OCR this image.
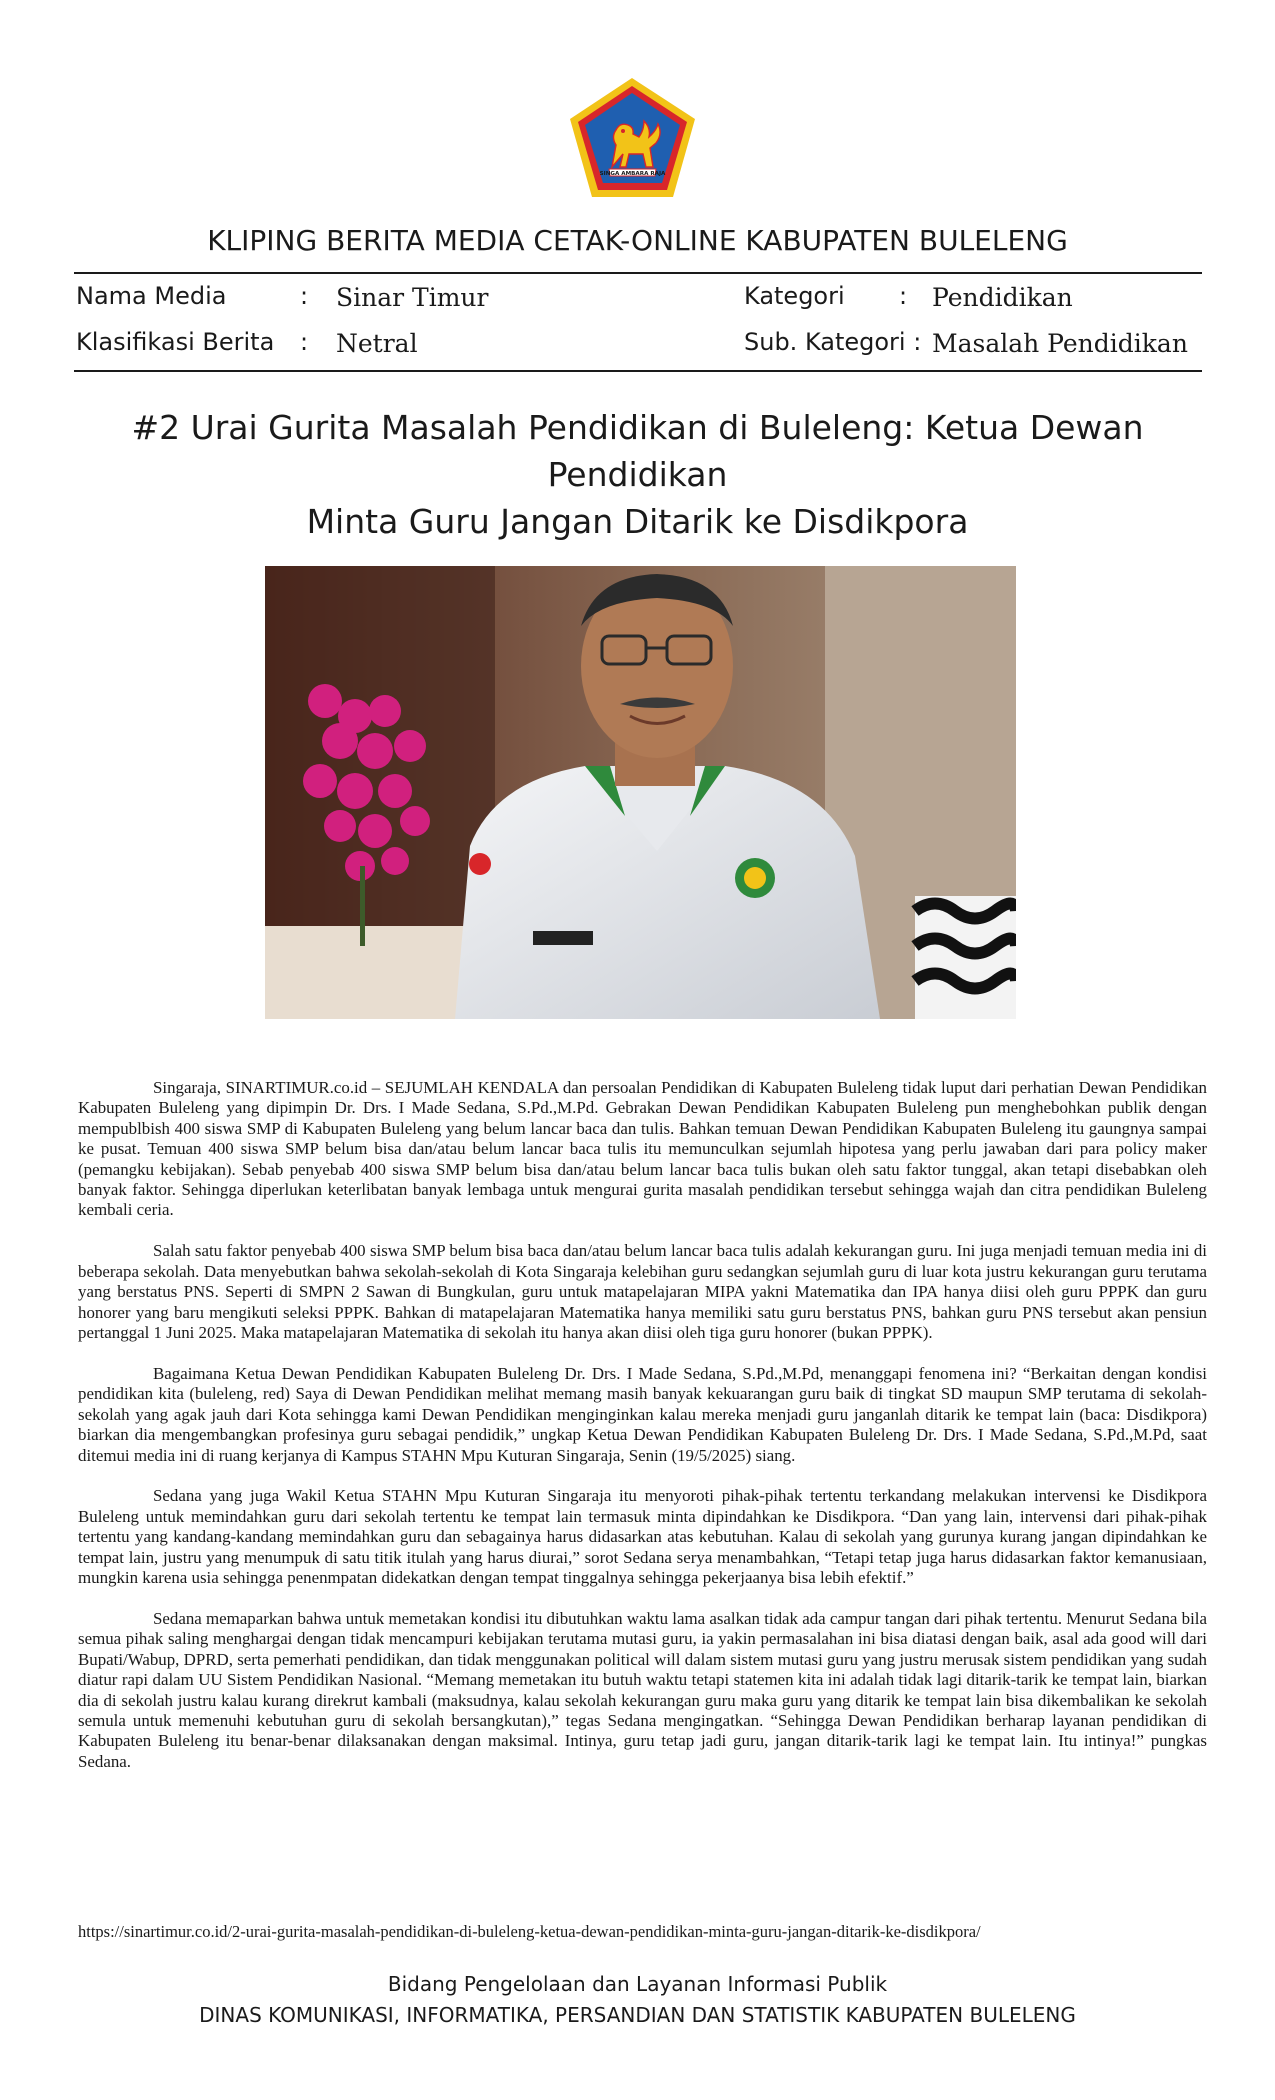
SINGA AMBARA RAJA
KLIPING BERITA MEDIA CETAK-ONLINE KABUPATEN BULELENG
Nama Media	: Sinar Timur	Kategori : Pendidikan
Klasifikasi Berita : Netral	Sub. Kategori : Masalah Pendidikan
#2 Urai Gurita Masalah Pendidikan di Buleleng: Ketua Dewan Pendidikan
Minta Guru Jangan Ditarik ke Disdikpora

Singaraja, SINARTIMUR.co.id – SEJUMLAH KENDALA dan persoalan Pendidikan di Kabupaten Buleleng tidak luput dari perhatian Dewan Pendidikan Kabupaten Buleleng yang dipimpin Dr. Drs. I Made Sedana, S.Pd.,M.Pd. Gebrakan Dewan Pendidikan Kabupaten Buleleng pun menghebohkan publik dengan mempublbish 400 siswa SMP di Kabupaten Buleleng yang belum lancar baca dan tulis. Bahkan temuan Dewan Pendidikan Kabupaten Buleleng itu gaungnya sampai ke pusat. Temuan 400 siswa SMP belum bisa dan/atau belum lancar baca tulis itu memunculkan sejumlah hipotesa yang perlu jawaban dari para policy maker (pemangku kebijakan). Sebab penyebab 400 siswa SMP belum bisa dan/atau belum lancar baca tulis bukan oleh satu faktor tunggal, akan tetapi disebabkan oleh banyak faktor. Sehingga diperlukan keterlibatan banyak lembaga untuk mengurai gurita masalah pendidikan tersebut sehingga wajah dan citra pendidikan Buleleng kembali ceria.

Salah satu faktor penyebab 400 siswa SMP belum bisa baca dan/atau belum lancar baca tulis adalah kekurangan guru. Ini juga menjadi temuan media ini di beberapa sekolah. Data menyebutkan bahwa sekolah-sekolah di Kota Singaraja kelebihan guru sedangkan sejumlah guru di luar kota justru kekurangan guru terutama yang berstatus PNS. Seperti di SMPN 2 Sawan di Bungkulan, guru untuk matapelajaran MIPA yakni Matematika dan IPA hanya diisi oleh guru PPPK dan guru honorer yang baru mengikuti seleksi PPPK. Bahkan di matapelajaran Matematika hanya memiliki satu guru berstatus PNS, bahkan guru PNS tersebut akan pensiun pertanggal 1 Juni 2025. Maka matapelajaran Matematika di sekolah itu hanya akan diisi oleh tiga guru honorer (bukan PPPK).

Bagaimana Ketua Dewan Pendidikan Kabupaten Buleleng Dr. Drs. I Made Sedana, S.Pd.,M.Pd, menanggapi fenomena ini? “Berkaitan dengan kondisi pendidikan kita (buleleng, red) Saya di Dewan Pendidikan melihat memang masih banyak kekuarangan guru baik di tingkat SD maupun SMP terutama di sekolah-sekolah yang agak jauh dari Kota sehingga kami Dewan Pendidikan menginginkan kalau mereka menjadi guru janganlah ditarik ke tempat lain (baca: Disdikpora) biarkan dia mengembangkan profesinya guru sebagai pendidik,” ungkap Ketua Dewan Pendidikan Kabupaten Buleleng Dr. Drs. I Made Sedana, S.Pd.,M.Pd, saat ditemui media ini di ruang kerjanya di Kampus STAHN Mpu Kuturan Singaraja, Senin (19/5/2025) siang.

Sedana yang juga Wakil Ketua STAHN Mpu Kuturan Singaraja itu menyoroti pihak-pihak tertentu terkandang melakukan intervensi ke Disdikpora Buleleng untuk memindahkan guru dari sekolah tertentu ke tempat lain termasuk minta dipindahkan ke Disdikpora. “Dan yang lain, intervensi dari pihak-pihak tertentu yang kandang-kandang memindahkan guru dan sebagainya harus didasarkan atas kebutuhan. Kalau di sekolah yang gurunya kurang jangan dipindahkan ke tempat lain, justru yang menumpuk di satu titik itulah yang harus diurai,” sorot Sedana serya menambahkan, “Tetapi tetap juga harus didasarkan faktor kemanusiaan, mungkin karena usia sehingga penenmpatan didekatkan dengan tempat tinggalnya sehingga pekerjaanya bisa lebih efektif.”

Sedana memaparkan bahwa untuk memetakan kondisi itu dibutuhkan waktu lama asalkan tidak ada campur tangan dari pihak tertentu. Menurut Sedana bila semua pihak saling menghargai dengan tidak mencampuri kebijakan terutama mutasi guru, ia yakin permasalahan ini bisa diatasi dengan baik, asal ada good will dari Bupati/Wabup, DPRD, serta pemerhati pendidikan, dan tidak menggunakan political will dalam sistem mutasi guru yang justru merusak sistem pendidikan yang sudah diatur rapi dalam UU Sistem Pendidikan Nasional. “Memang memetakan itu butuh waktu tetapi statemen kita ini adalah tidak lagi ditarik-tarik ke tempat lain, biarkan dia di sekolah justru kalau kurang direkrut kambali (maksudnya, kalau sekolah kekurangan guru maka guru yang ditarik ke tempat lain bisa dikembalikan ke sekolah semula untuk memenuhi kebutuhan guru di sekolah bersangkutan),” tegas Sedana mengingatkan. “Sehingga Dewan Pendidikan berharap layanan pendidikan di Kabupaten Buleleng itu benar-benar dilaksanakan dengan maksimal. Intinya, guru tetap jadi guru, jangan ditarik-tarik lagi ke tempat lain. Itu intinya!” pungkas Sedana.

https://sinartimur.co.id/2-urai-gurita-masalah-pendidikan-di-buleleng-ketua-dewan-pendidikan-minta-guru-jangan-ditarik-ke-disdikpora/
Bidang Pengelolaan dan Layanan Informasi Publik
DINAS KOMUNIKASI, INFORMATIKA, PERSANDIAN DAN STATISTIK KABUPATEN BULELENG
